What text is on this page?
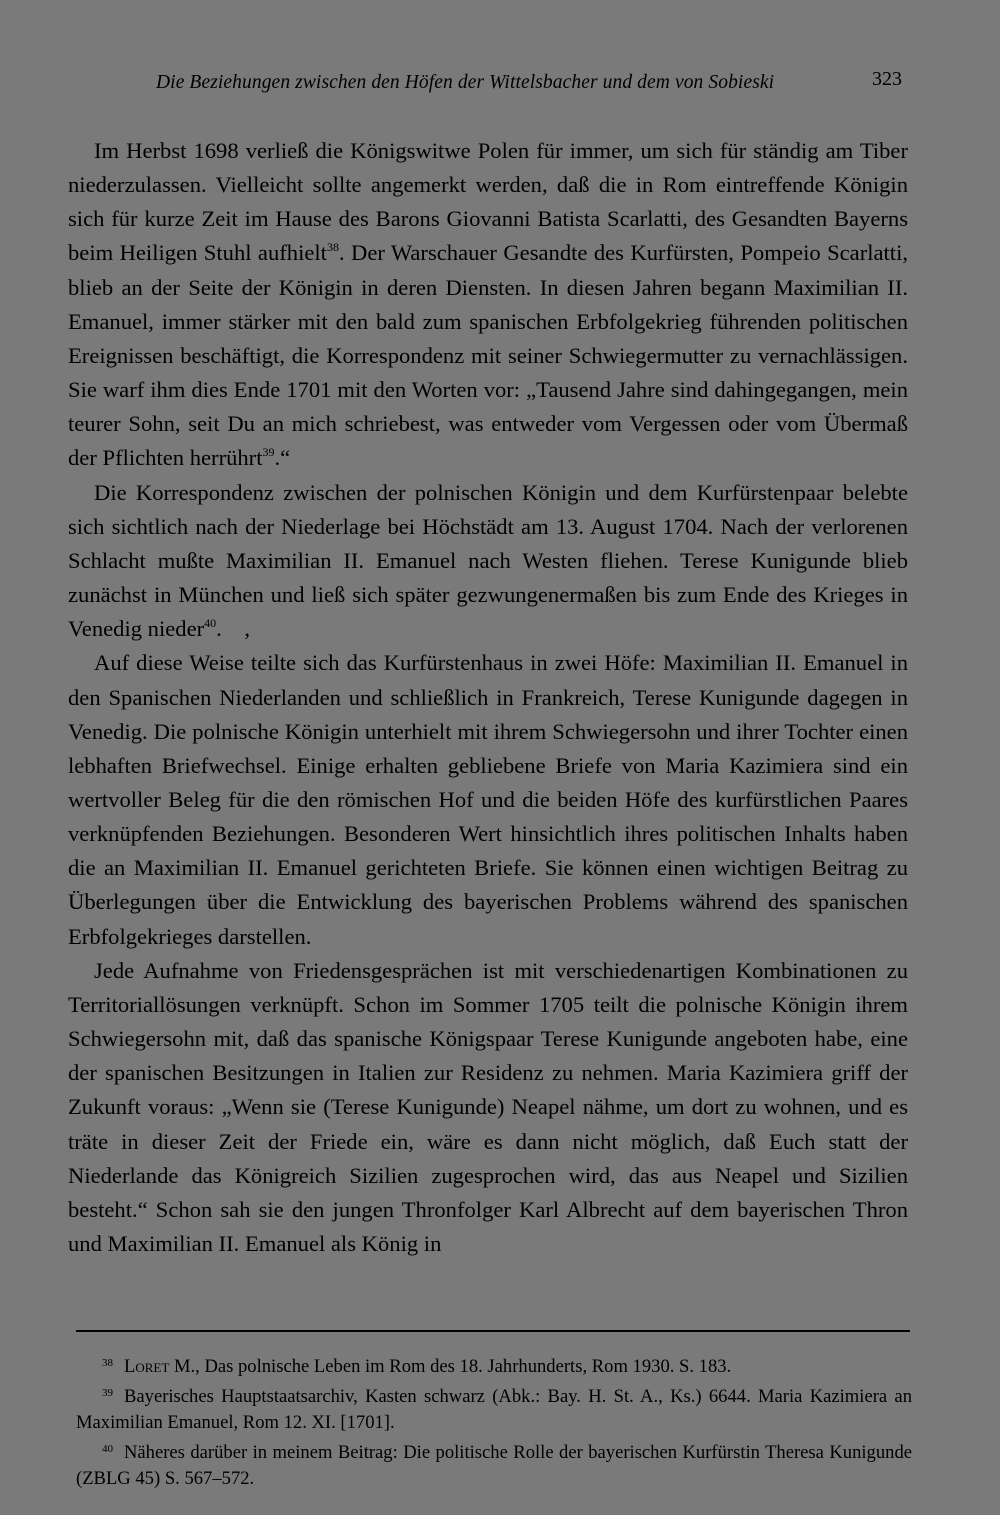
Die Beziehungen zwischen den Höfen der Wittelsbacher und dem von Sobieski	323

Im Herbst 1698 verließ die Königswitwe Polen für immer, um sich für ständig am Tiber niederzulassen. Vielleicht sollte angemerkt werden, daß die in Rom eintreffende Königin sich für kurze Zeit im Hause des Barons Giovanni Batista Scarlatti, des Gesandten Bayerns beim Heiligen Stuhl aufhielt$^{38}$. Der Warschauer Gesandte des Kurfürsten, Pompeio Scarlatti, blieb an der Seite der Königin in deren Diensten. In diesen Jahren begann Maximilian II. Emanuel, immer stärker mit den bald zum spanischen Erbfolgekrieg führenden politischen Ereignissen beschäftigt, die Korrespondenz mit seiner Schwiegermutter zu vernachlässigen. Sie warf ihm dies Ende 1701 mit den Worten vor: „Tausend Jahre sind dahingegangen, mein teurer Sohn, seit Du an mich schriebest, was entweder vom Vergessen oder vom Übermaß der Pflichten herrührt$^{39}$.“

Die Korrespondenz zwischen der polnischen Königin und dem Kurfürstenpaar belebte sich sichtlich nach der Niederlage bei Höchstädt am 13. August 1704. Nach der verlorenen Schlacht mußte Maximilian II. Emanuel nach Westen fliehen. Terese Kunigunde blieb zunächst in München und ließ sich später gezwungenermaßen bis zum Ende des Krieges in Venedig nieder$^{40}$.    ,

Auf diese Weise teilte sich das Kurfürstenhaus in zwei Höfe: Maximilian II. Emanuel in den Spanischen Niederlanden und schließlich in Frankreich, Terese Kunigunde dagegen in Venedig. Die polnische Königin unterhielt mit ihrem Schwiegersohn und ihrer Tochter einen lebhaften Briefwechsel. Einige erhalten gebliebene Briefe von Maria Kazimiera sind ein wertvoller Beleg für die den römischen Hof und die beiden Höfe des kurfürstlichen Paares verknüpfenden Beziehungen. Besonderen Wert hinsichtlich ihres politischen Inhalts haben die an Maximilian II. Emanuel gerichteten Briefe. Sie können einen wichtigen Beitrag zu Überlegungen über die Entwicklung des bayerischen Problems während des spanischen Erbfolgekrieges darstellen.

Jede Aufnahme von Friedensgesprächen ist mit verschiedenartigen Kombinationen zu Territoriallösungen verknüpft. Schon im Sommer 1705 teilt die polnische Königin ihrem Schwiegersohn mit, daß das spanische Königspaar Terese Kunigunde angeboten habe, eine der spanischen Besitzungen in Italien zur Residenz zu nehmen. Maria Kazimiera griff der Zukunft voraus: „Wenn sie (Terese Kunigunde) Neapel nähme, um dort zu wohnen, und es träte in dieser Zeit der Friede ein, wäre es dann nicht möglich, daß Euch statt der Niederlande das Königreich Sizilien zugesprochen wird, das aus Neapel und Sizilien besteht.“ Schon sah sie den jungen Thronfolger Karl Albrecht auf dem bayerischen Thron und Maximilian II. Emanuel als König in

38 Loret M., Das polnische Leben im Rom des 18. Jahrhunderts, Rom 1930. S. 183.

39 Bayerisches Hauptstaatsarchiv, Kasten schwarz (Abk.: Bay. H. St. A., Ks.) 6644. Maria Kazimiera an Maximilian Emanuel, Rom 12. XI. [1701].

40 Näheres darüber in meinem Beitrag: Die politische Rolle der bayerischen Kurfürstin Theresa Kunigunde (ZBLG 45) S. 567–572.
